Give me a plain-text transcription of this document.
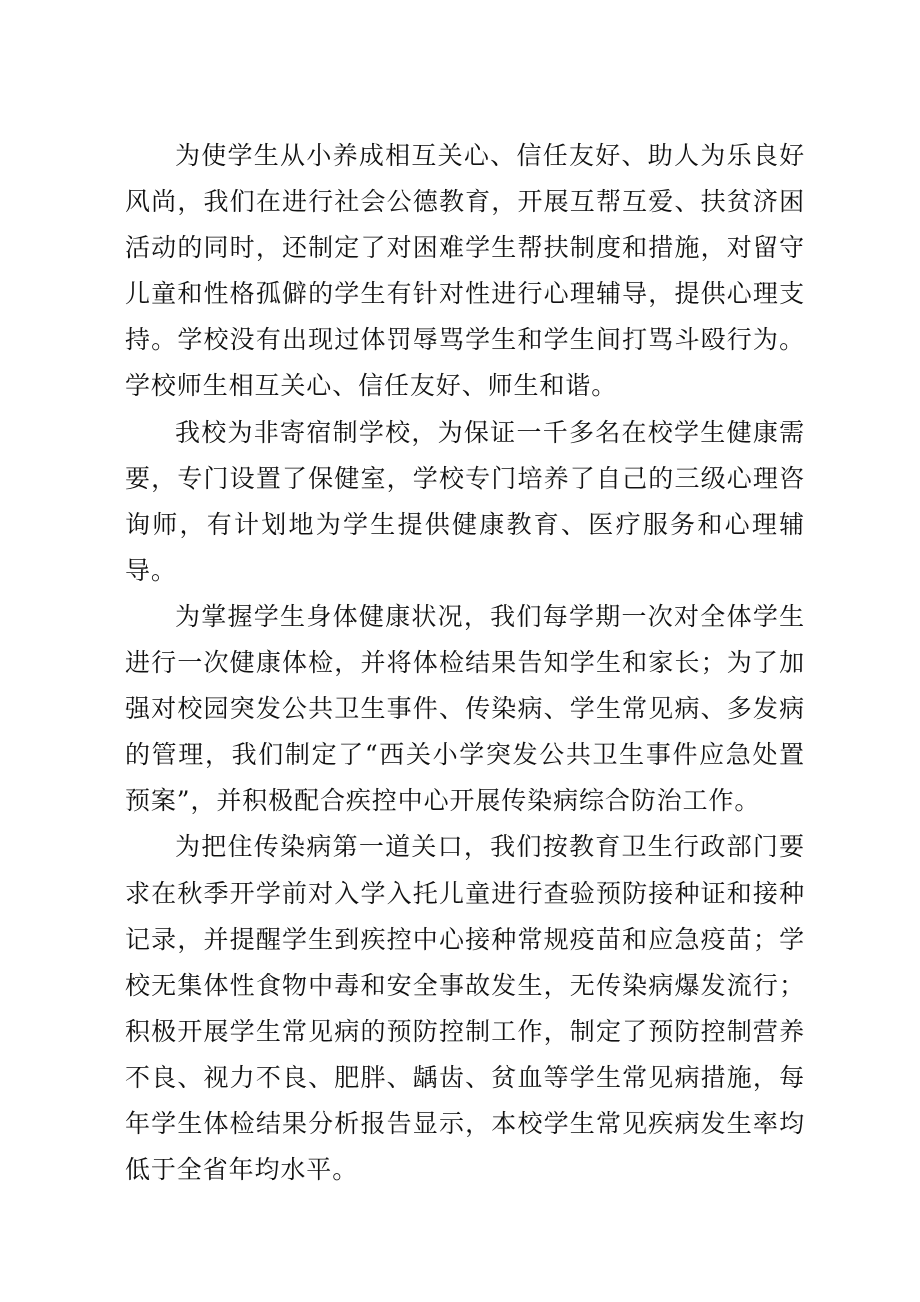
为使学生从小养成相互关心、信任友好、助人为乐良好风尚，我们在进行社会公德教育，开展互帮互爱、扶贫济困活动的同时，还制定了对困难学生帮扶制度和措施，对留守儿童和性格孤僻的学生有针对性进行心理辅导，提供心理支持。学校没有出现过体罚辱骂学生和学生间打骂斗殴行为。学校师生相互关心、信任友好、师生和谐。

我校为非寄宿制学校，为保证一千多名在校学生健康需要，专门设置了保健室，学校专门培养了自己的三级心理咨询师，有计划地为学生提供健康教育、医疗服务和心理辅导。

为掌握学生身体健康状况，我们每学期一次对全体学生进行一次健康体检，并将体检结果告知学生和家长；为了加强对校园突发公共卫生事件、传染病、学生常见病、多发病的管理，我们制定了“西关小学突发公共卫生事件应急处置预案”，并积极配合疾控中心开展传染病综合防治工作。

为把住传染病第一道关口，我们按教育卫生行政部门要求在秋季开学前对入学入托儿童进行查验预防接种证和接种记录，并提醒学生到疾控中心接种常规疫苗和应急疫苗；学校无集体性食物中毒和安全事故发生，无传染病爆发流行；积极开展学生常见病的预防控制工作，制定了预防控制营养不良、视力不良、肥胖、龋齿、贫血等学生常见病措施，每年学生体检结果分析报告显示，本校学生常见疾病发生率均低于全省年均水平。
